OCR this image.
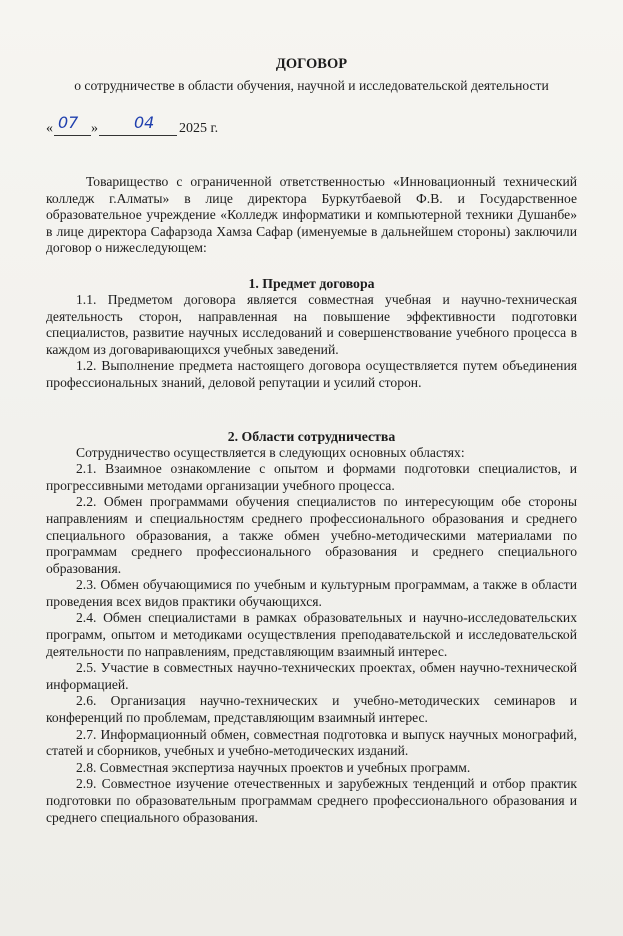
ДОГОВОР
о сотрудничестве в области обучения, научной и исследовательской деятельности
« 07 » 04 2025 г.

Товарищество с ограниченной ответственностью «Инновационный технический колледж г.Алматы» в лице директора Буркутбаевой Ф.В. и Государственное образовательное учреждение «Колледж информатики и компьютерной техники Душанбе» в лице директора Сафарзода Хамза Сафар (именуемые в дальнейшем стороны) заключили договор о нижеследующем:

1. Предмет договора

1.1. Предметом договора является совместная учебная и научно-техническая деятельность сторон, направленная на повышение эффективности подготовки специалистов, развитие научных исследований и совершенствование учебного процесса в каждом из договаривающихся учебных заведений.

1.2. Выполнение предмета настоящего договора осуществляется путем объединения профессиональных знаний, деловой репутации и усилий сторон.

2. Области сотрудничества

Сотрудничество осуществляется в следующих основных областях:

2.1. Взаимное ознакомление с опытом и формами подготовки специалистов, и прогрессивными методами организации учебного процесса.

2.2. Обмен программами обучения специалистов по интересующим обе стороны направлениям и специальностям среднего профессионального образования и среднего специального образования, а также обмен учебно-методическими материалами по программам среднего профессионального образования и среднего специального образования.

2.3. Обмен обучающимися по учебным и культурным программам, а также в области проведения всех видов практики обучающихся.

2.4. Обмен специалистами в рамках образовательных и научно-исследовательских программ, опытом и методиками осуществления преподавательской и исследовательской деятельности по направлениям, представляющим взаимный интерес.

2.5. Участие в совместных научно-технических проектах, обмен научно-технической информацией.

2.6. Организация научно-технических и учебно-методических семинаров и конференций по проблемам, представляющим взаимный интерес.

2.7. Информационный обмен, совместная подготовка и выпуск научных монографий, статей и сборников, учебных и учебно-методических изданий.

2.8. Совместная экспертиза научных проектов и учебных программ.

2.9. Совместное изучение отечественных и зарубежных тенденций и отбор практик подготовки по образовательным программам среднего профессионального образования и среднего специального образования.
